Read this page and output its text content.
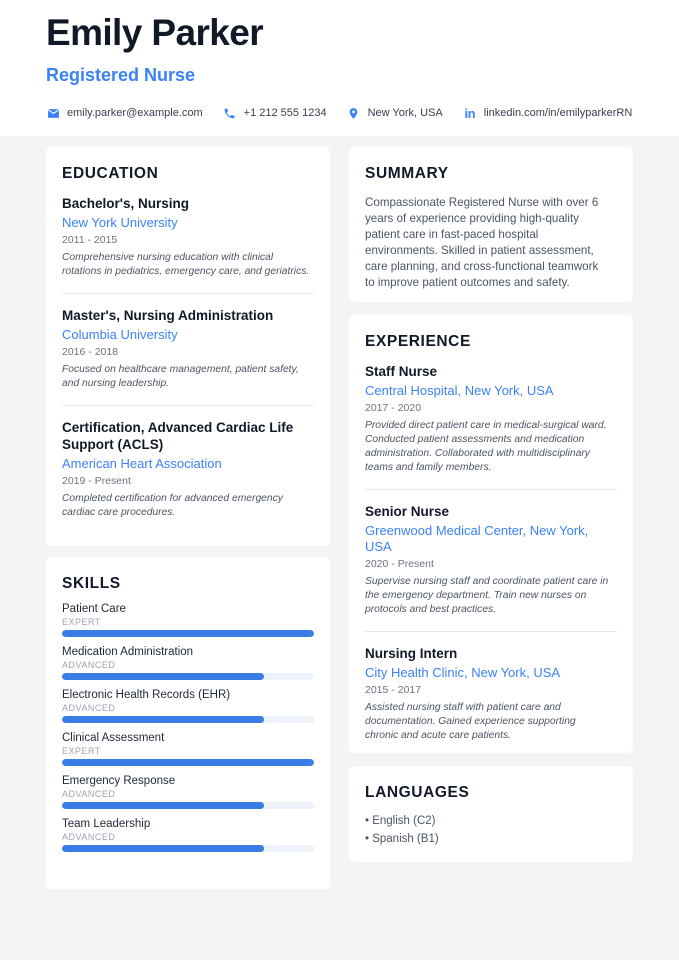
Emily Parker
Registered Nurse
emily.parker@example.com	+1 212 555 1234	New York, USA in linkedin.com/in/emilyparkerRN
EDUCATION
Bachelor's, Nursing
New York University
2011 - 2015
Comprehensive nursing education with clinical rotations in pediatrics, emergency care, and geriatrics.
Master's, Nursing Administration
Columbia University
2016 - 2018
Focused on healthcare management, patient safety, and nursing leadership.
Certification, Advanced Cardiac Life Support (ACLS)
American Heart Association
2019 - Present
Completed certification for advanced emergency cardiac care procedures.
SKILLS
Patient Care
EXPERT
Medication Administration
ADVANCED
Electronic Health Records (EHR)
ADVANCED
Clinical Assessment
EXPERT
Emergency Response
ADVANCED
Team Leadership
ADVANCED
SUMMARY
Compassionate Registered Nurse with over 6 years of experience providing high-quality patient care in fast-paced hospital environments. Skilled in patient assessment, care planning, and cross-functional teamwork to improve patient outcomes and safety.
EXPERIENCE
Staff Nurse
Central Hospital, New York, USA
2017 - 2020
Provided direct patient care in medical-surgical ward. Conducted patient assessments and medication administration. Collaborated with multidisciplinary teams and family members.
Senior Nurse
Greenwood Medical Center, New York, USA
2020 - Present
Supervise nursing staff and coordinate patient care in the emergency department. Train new nurses on protocols and best practices.
Nursing Intern
City Health Clinic, New York, USA
2015 - 2017
Assisted nursing staff with patient care and documentation. Gained experience supporting chronic and acute care patients.
LANGUAGES
• English (C2)
• Spanish (B1)
